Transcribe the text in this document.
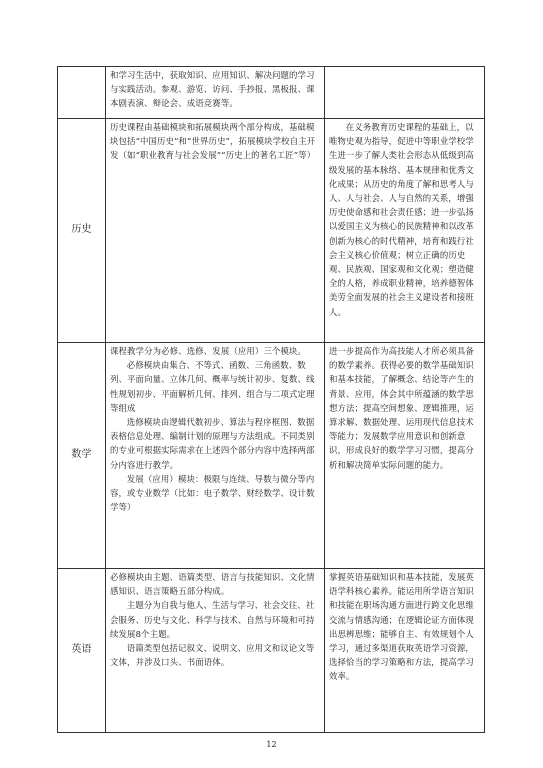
	和学习生活中，获取知识、应用知识、解决问题的学习与实践活动。参观、游览、访问、手抄报、黑板报、课本剧表演、辩论会、成语竞赛等。	
历史	历史课程由基础模块和拓展模块两个部分构成，基础模块包括“中国历史”和“世界历史”，拓展模块学校自主开发（如“职业教育与社会发展”“历史上的著名工匠”等）	在义务教育历史课程的基础上，以唯物史观为指导，促进中等职业学校学生进一步了解人类社会形态从低级到高级发展的基本脉络、基本规律和优秀文化成果；从历史的角度了解和思考人与人、人与社会、人与自然的关系，增强历史使命感和社会责任感；进一步弘扬以爱国主义为核心的民族精神和以改革创新为核心的时代精神，培育和践行社会主义核心价值观；树立正确的历史观、民族观、国家观和文化观；塑造健全的人格，养成职业精神，培养德智体美劳全面发展的社会主义建设者和接班人。

数学	课程教学分为必修、选修、发展（应用）三个模块。

必修模块由集合、不等式、函数、三角函数、数列、平面向量、立体几何、概率与统计初步、复数、线性规划初步、平面解析几何、排列、组合与二项式定理等组成

选修模块由逻辑代数初步、算法与程序框图、数据表格信息处理、编制计划的原理与方法组成。不同类别的专业可根据实际需求在上述四个部分内容中选择两部分内容进行教学。

发展（应用）模块：极限与连续、导数与微分等内容，或专业数学（比如：电子数学、财经数学、设计数学等）	进一步提高作为高技能人才所必须具备的数学素养。获得必要的数学基础知识和基本技能，了解概念、结论等产生的背景、应用，体会其中所蕴涵的数学思想方法；提高空间想象、逻辑推理，运算求解、数据处理、运用现代信息技术等能力；发展数学应用意识和创新意识，形成良好的数学学习习惯，提高分析和解决简单实际问题的能力。
英语	必修模块由主题、语篇类型、语言与技能知识、文化情感知识、语言策略五部分构成。

主题分为自我与他人、生活与学习、社会交往、社会服务、历史与文化、科学与技术、自然与环境和可持续发展8个主题。

语篇类型包括记叙文、说明文、应用文和议论文等文体，并涉及口头、书面语体。	掌握英语基础知识和基本技能，发展英语学科核心素养。能运用所学语言知识和技能在职场沟通方面进行跨文化思维交流与情感沟通；在逻辑论证方面体现出思辨思维；能够自主、有效规划个人学习，通过多渠道获取英语学习资源，选择恰当的学习策略和方法，提高学习效率。
12
